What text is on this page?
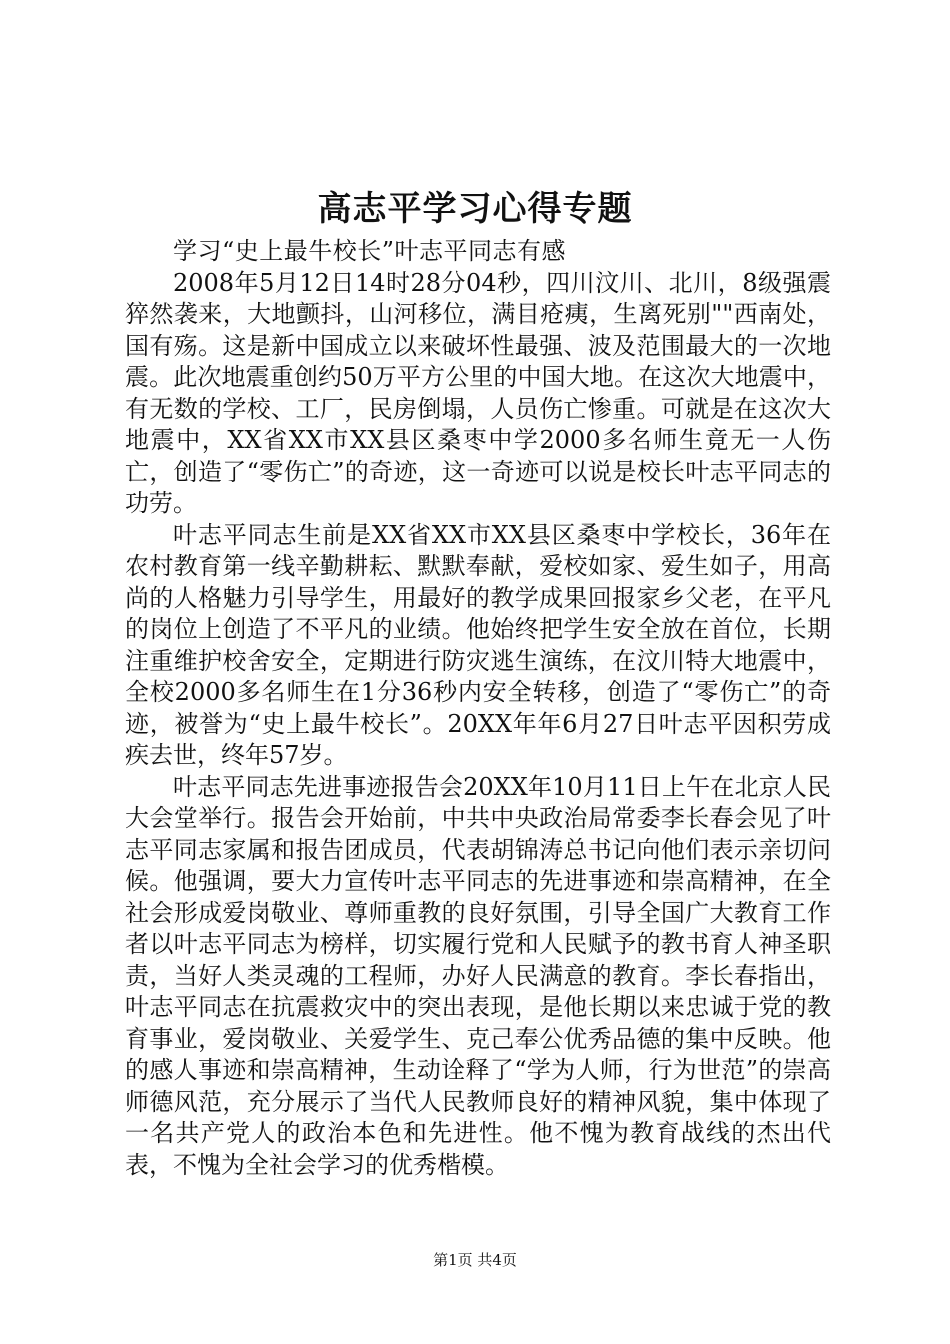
高志平学习心得专题

学习“史上最牛校长”叶志平同志有感

2008年5月12日14时28分04秒，四川汶川、北川，8级强震猝然袭来，大地颤抖，山河移位，满目疮痍，生离死别""西南处，国有殇。这是新中国成立以来破坏性最强、波及范围最大的一次地震。此次地震重创约50万平方公里的中国大地。在这次大地震中，有无数的学校、工厂，民房倒塌，人员伤亡惨重。可就是在这次大地震中，XX省XX市XX县区桑枣中学2000多名师生竟无一人伤亡，创造了“零伤亡”的奇迹，这一奇迹可以说是校长叶志平同志的功劳。

叶志平同志生前是XX省XX市XX县区桑枣中学校长，36年在农村教育第一线辛勤耕耘、默默奉献，爱校如家、爱生如子，用高尚的人格魅力引导学生，用最好的教学成果回报家乡父老，在平凡的岗位上创造了不平凡的业绩。他始终把学生安全放在首位，长期注重维护校舍安全，定期进行防灾逃生演练，在汶川特大地震中，全校2000多名师生在1分36秒内安全转移，创造了“零伤亡”的奇迹，被誉为“史上最牛校长”。20XX年年6月27日叶志平因积劳成疾去世，终年57岁。

叶志平同志先进事迹报告会20XX年10月11日上午在北京人民大会堂举行。报告会开始前，中共中央政治局常委李长春会见了叶志平同志家属和报告团成员，代表胡锦涛总书记向他们表示亲切问候。他强调，要大力宣传叶志平同志的先进事迹和崇高精神，在全社会形成爱岗敬业、尊师重教的良好氛围，引导全国广大教育工作者以叶志平同志为榜样，切实履行党和人民赋予的教书育人神圣职责，当好人类灵魂的工程师，办好人民满意的教育。李长春指出，叶志平同志在抗震救灾中的突出表现，是他长期以来忠诚于党的教育事业，爱岗敬业、关爱学生、克己奉公优秀品德的集中反映。他的感人事迹和崇高精神，生动诠释了“学为人师，行为世范”的崇高师德风范，充分展示了当代人民教师良好的精神风貌，集中体现了一名共产党人的政治本色和先进性。他不愧为教育战线的杰出代表，不愧为全社会学习的优秀楷模。

第1页 共4页
